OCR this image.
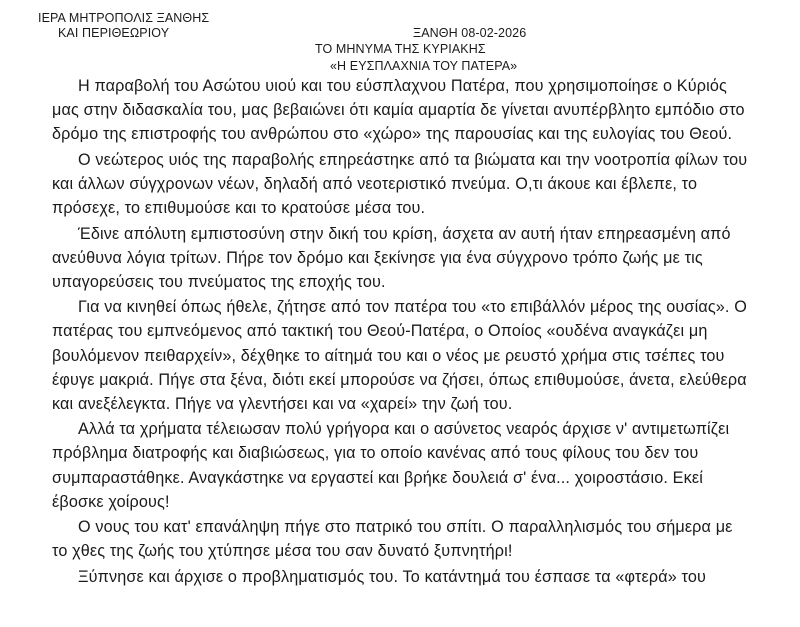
ΙΕΡΑ ΜΗΤΡΟΠΟΛΙΣ ΞΑΝΘΗΣ
ΚΑΙ ΠΕΡΙΘΕΩΡΙΟΥ	ΞΑΝΘΗ 08-02-2026
ΤΟ ΜΗΝΥΜΑ ΤΗΣ ΚΥΡΙΑΚΗΣ
«Η ΕΥΣΠΛΑΧΝΙΑ ΤΟΥ ΠΑΤΕΡΑ»

Η παραβολή του Ασώτου υιού και του εύσπλαχνου Πατέρα, που χρησιμοποίησε ο Κύριός μας στην διδασκαλία του, μας βεβαιώνει ότι καμία αμαρτία δε γίνεται ανυπέρβλητο εμπόδιο στο δρόμο της επιστροφής του ανθρώπου στο «χώρο» της παρουσίας και της ευλογίας του Θεού.

Ο νεώτερος υιός της παραβολής επηρεάστηκε από τα βιώματα και την νοοτροπία φίλων του και άλλων σύγχρονων νέων, δηλαδή από νεοτεριστικό πνεύμα. Ο,τι άκουε και έβλεπε, το πρόσεχε, το επιθυμούσε και το κρατούσε μέσα του.

Έδινε απόλυτη εμπιστοσύνη στην δική του κρίση, άσχετα αν αυτή ήταν επηρεασμένη από ανεύθυνα λόγια τρίτων. Πήρε τον δρόμο και ξεκίνησε για ένα σύγχρονο τρόπο ζωής με τις υπαγορεύσεις του πνεύματος της εποχής του.

Για να κινηθεί όπως ήθελε, ζήτησε από τον πατέρα του «το επιβάλλόν μέρος της ουσίας». Ο πατέρας του εμπνεόμενος από τακτική του Θεού-Πατέρα, ο Οποίος «ουδένα αναγκάζει μη βουλόμενον πειθαρχείν», δέχθηκε το αίτημά του και ο νέος με ρευστό χρήμα στις τσέπες του έφυγε μακριά. Πήγε στα ξένα, διότι εκεί μπορούσε να ζήσει, όπως επιθυμούσε, άνετα, ελεύθερα και ανεξέλεγκτα. Πήγε να γλεντήσει και να «χαρεί» την ζωή του.

Αλλά τα χρήματα τέλειωσαν πολύ γρήγορα και ο ασύνετος νεαρός άρχισε ν' αντιμετωπίζει πρόβλημα διατροφής και διαβιώσεως, για το οποίο κανένας από τους φίλους του δεν του συμπαραστάθηκε. Αναγκάστηκε να εργαστεί και βρήκε δουλειά σ' ένα... χοιροστάσιο. Εκεί έβοσκε χοίρους!

Ο νους του κατ' επανάληψη πήγε στο πατρικό του σπίτι. Ο παραλληλισμός του σήμερα με το χθες της ζωής του χτύπησε μέσα του σαν δυνατό ξυπνητήρι!

Ξύπνησε και άρχισε ο προβληματισμός του. Το κατάντημά του έσπασε τα «φτερά» του
